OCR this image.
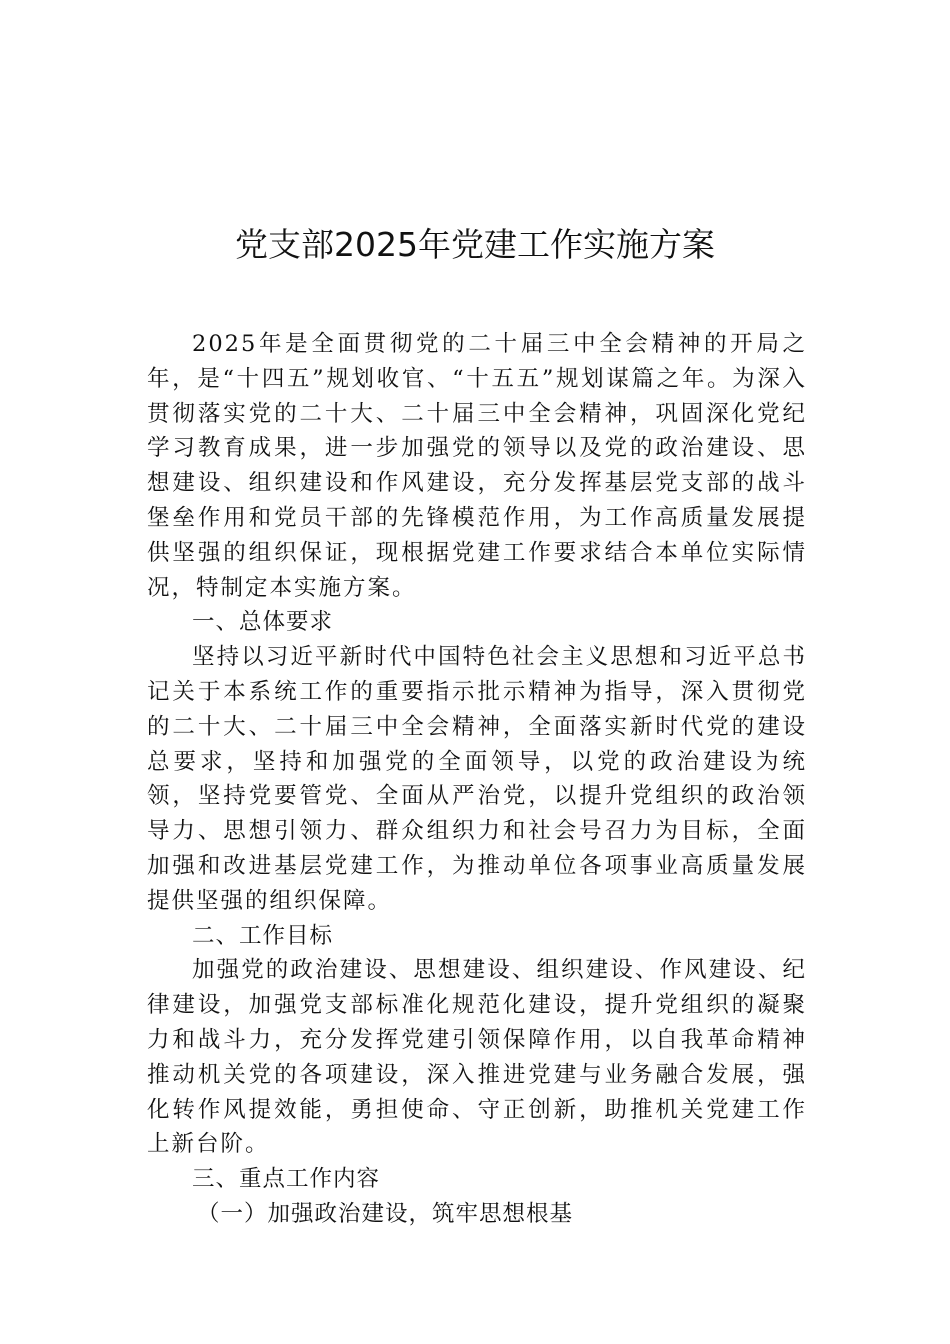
党支部2025年党建工作实施方案

2025年是全面贯彻党的二十届三中全会精神的开局之年，是“十四五”规划收官、“十五五”规划谋篇之年。为深入贯彻落实党的二十大、二十届三中全会精神，巩固深化党纪学习教育成果，进一步加强党的领导以及党的政治建设、思想建设、组织建设和作风建设，充分发挥基层党支部的战斗堡垒作用和党员干部的先锋模范作用，为工作高质量发展提供坚强的组织保证，现根据党建工作要求结合本单位实际情况，特制定本实施方案。

一、总体要求

坚持以习近平新时代中国特色社会主义思想和习近平总书记关于本系统工作的重要指示批示精神为指导，深入贯彻党的二十大、二十届三中全会精神，全面落实新时代党的建设总要求，坚持和加强党的全面领导，以党的政治建设为统领，坚持党要管党、全面从严治党，以提升党组织的政治领导力、思想引领力、群众组织力和社会号召力为目标，全面加强和改进基层党建工作，为推动单位各项事业高质量发展提供坚强的组织保障。

二、工作目标

加强党的政治建设、思想建设、组织建设、作风建设、纪律建设，加强党支部标准化规范化建设，提升党组织的凝聚力和战斗力，充分发挥党建引领保障作用，以自我革命精神推动机关党的各项建设，深入推进党建与业务融合发展，强化转作风提效能，勇担使命、守正创新，助推机关党建工作上新台阶。

三、重点工作内容

（一）加强政治建设，筑牢思想根基
